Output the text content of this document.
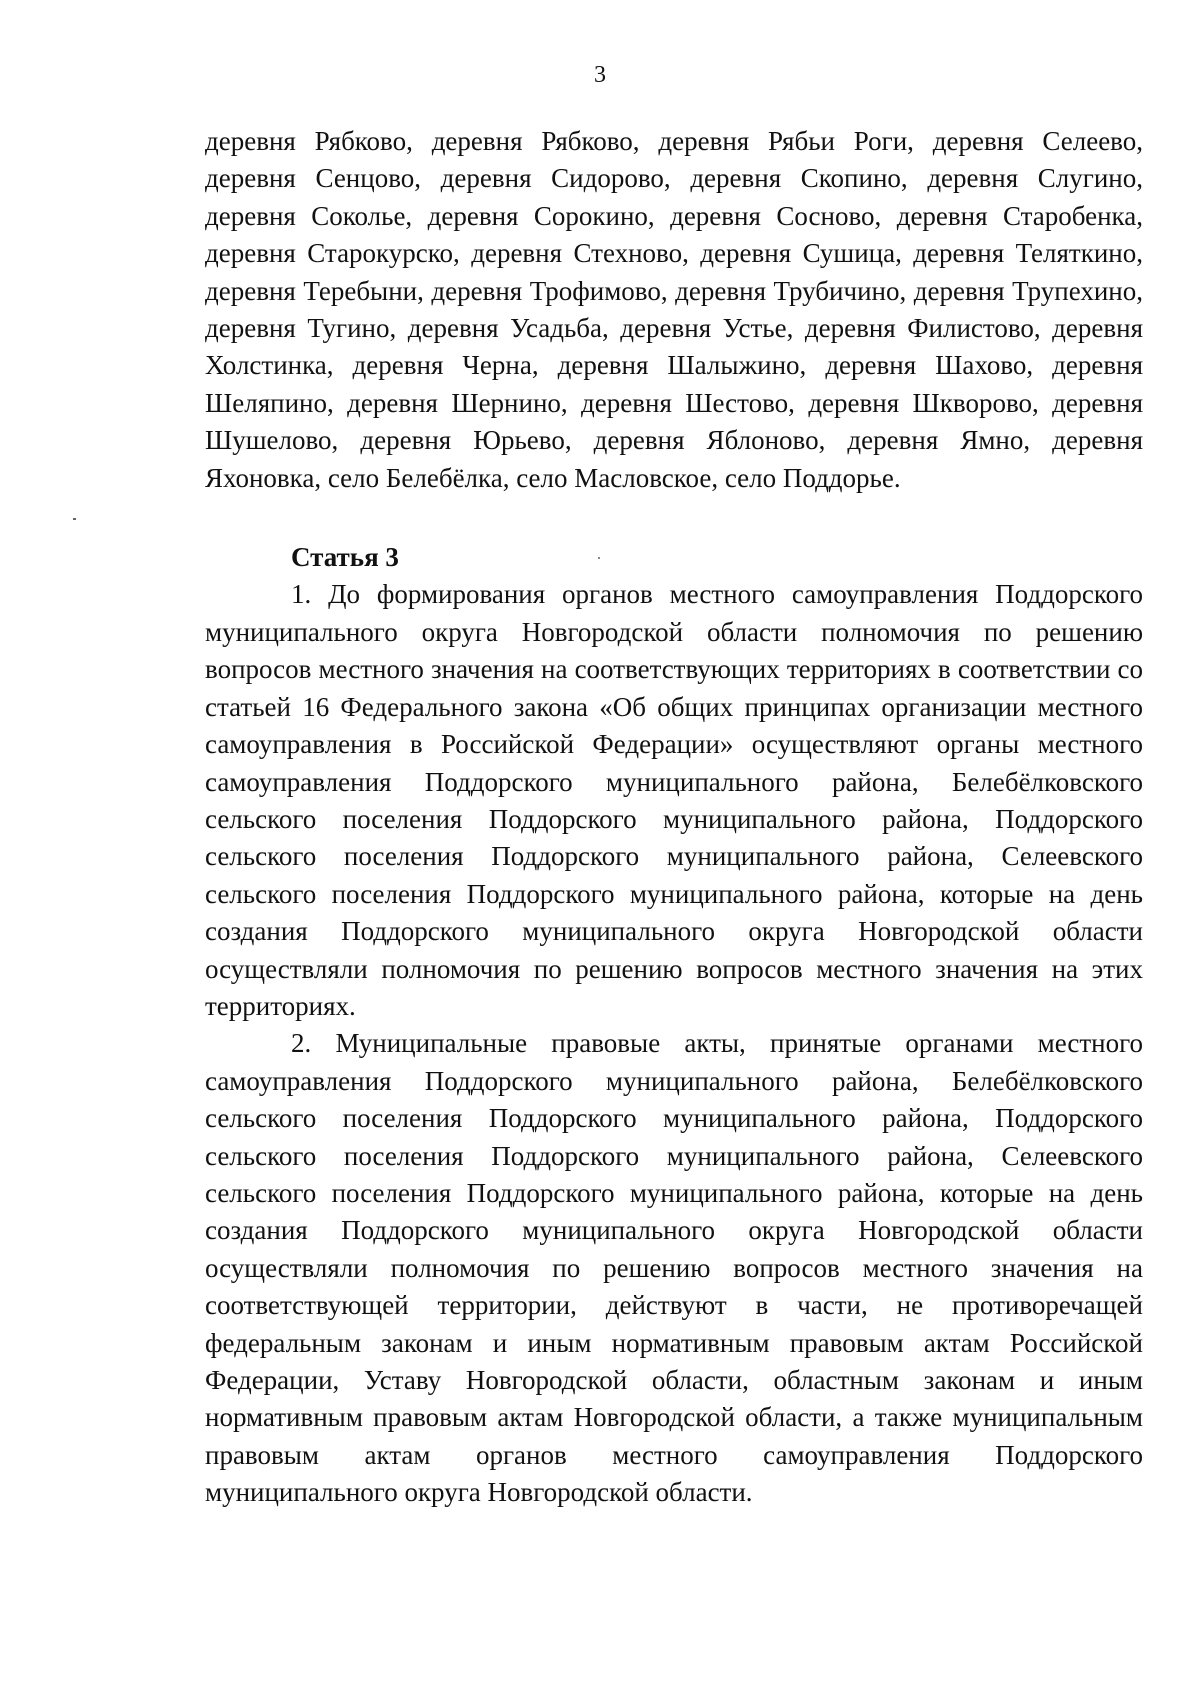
3

деревня Рябково, деревня Рябково, деревня Рябьи Роги, деревня Селеево, деревня Сенцово, деревня Сидорово, деревня Скопино, деревня Слугино, деревня Соколье, деревня Сорокино, деревня Сосново, деревня Старобенка, деревня Старокурско, деревня Стехново, деревня Сушица, деревня Теляткино, деревня Теребыни, деревня Трофимово, деревня Трубичино, деревня Трупехино, деревня Тугино, деревня Усадьба, деревня Устье, деревня Филистово, деревня Холстинка, деревня Черна, деревня Шалыжино, деревня Шахово, деревня Шеляпино, деревня Шернино, деревня Шестово, деревня Шкворово, деревня Шушелово, деревня Юрьево, деревня Яблоново, деревня Ямно, деревня Яхоновка, село Белебёлка, село Масловское, село Поддорье.

Статья 3

1. До формирования органов местного самоуправления Поддорского муниципального округа Новгородской области полномочия по решению вопросов местного значения на соответствующих территориях в соответствии со статьей 16 Федерального закона «Об общих принципах организации местного самоуправления в Российской Федерации» осуществляют органы местного самоуправления Поддорского муниципального района, Белебёлковского сельского поселения Поддорского муниципального района, Поддорского сельского поселения Поддорского муниципального района, Селеевского сельского поселения Поддорского муниципального района, которые на день создания Поддорского муниципального округа Новгородской области осуществляли полномочия по решению вопросов местного значения на этих территориях.

2. Муниципальные правовые акты, принятые органами местного самоуправления Поддорского муниципального района, Белебёлковского сельского поселения Поддорского муниципального района, Поддорского сельского поселения Поддорского муниципального района, Селеевского сельского поселения Поддорского муниципального района, которые на день создания Поддорского муниципального округа Новгородской области осуществляли полномочия по решению вопросов местного значения на соответствующей территории, действуют в части, не противоречащей федеральным законам и иным нормативным правовым актам Российской Федерации, Уставу Новгородской области, областным законам и иным нормативным правовым актам Новгородской области, а также муниципальным правовым актам органов местного самоуправления Поддорского муниципального округа Новгородской области.
